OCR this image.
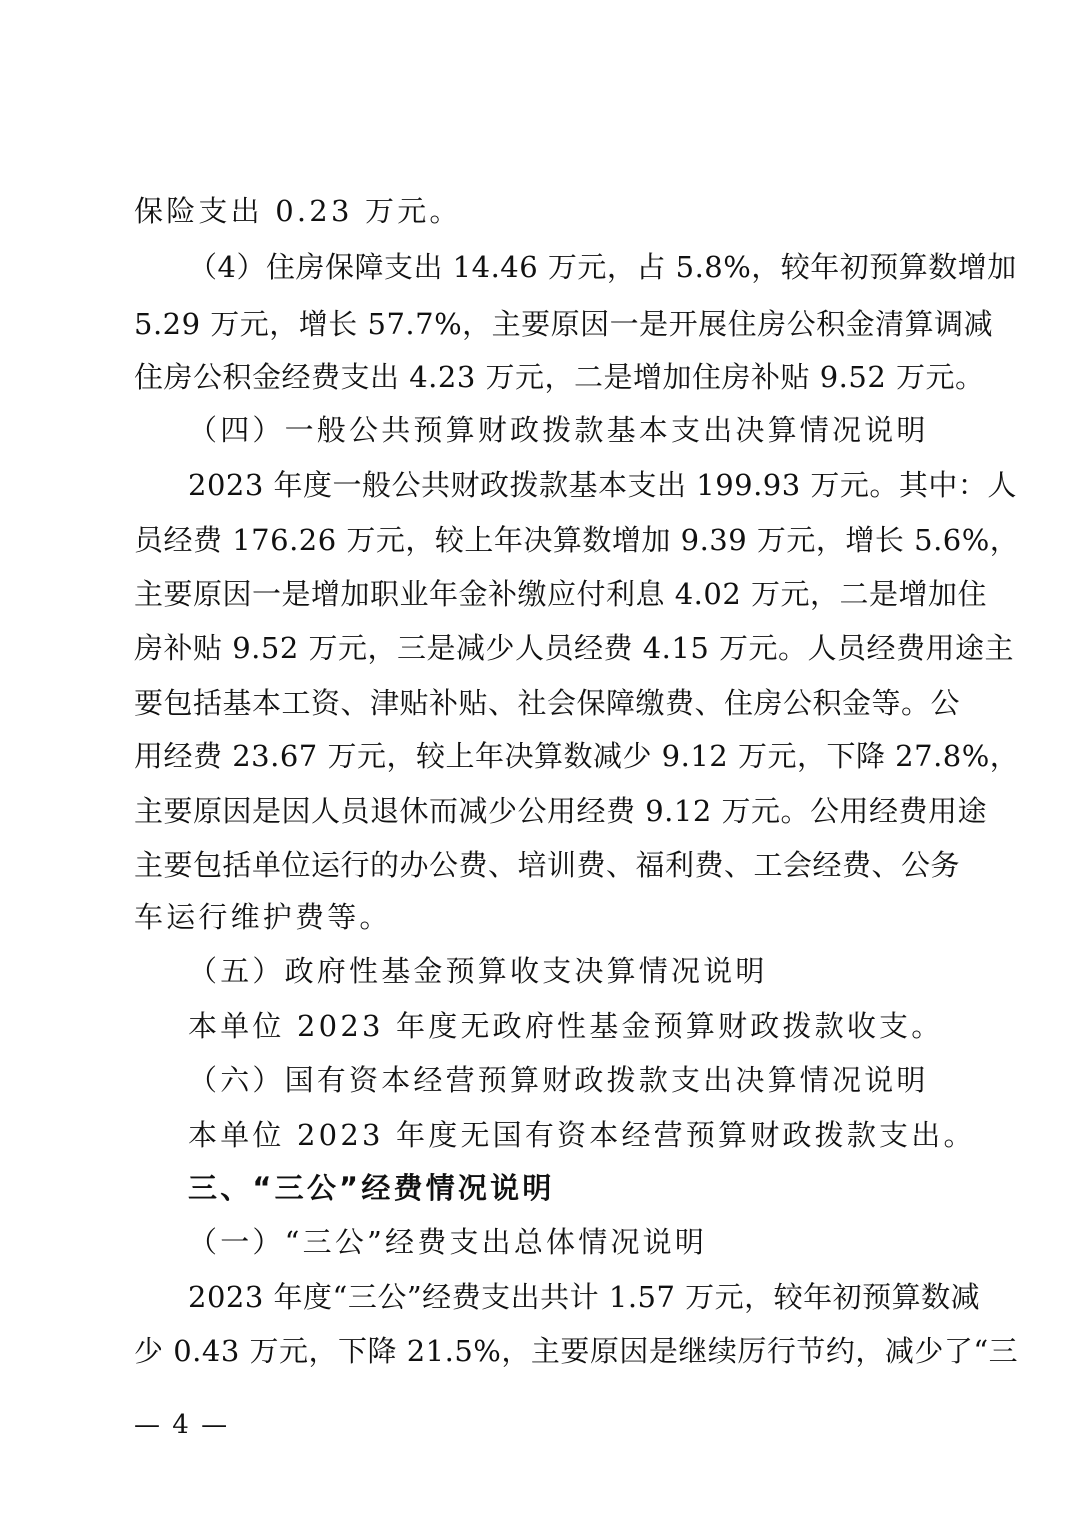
保险支出 0.23 万元。
（4）住房保障支出 14.46 万元，占 5.8%，较年初预算数增加
5.29 万元，增长 57.7%，主要原因一是开展住房公积金清算调减
住房公积金经费支出 4.23 万元，二是增加住房补贴 9.52 万元。
（四）一般公共预算财政拨款基本支出决算情况说明
2023 年度一般公共财政拨款基本支出 199.93 万元。其中：人
员经费 176.26 万元，较上年决算数增加 9.39 万元，增长 5.6%，
主要原因一是增加职业年金补缴应付利息 4.02 万元，二是增加住
房补贴 9.52 万元，三是减少人员经费 4.15 万元。人员经费用途主
要包括基本工资、津贴补贴、社会保障缴费、住房公积金等。公
用经费 23.67 万元，较上年决算数减少 9.12 万元，下降 27.8%，
主要原因是因人员退休而减少公用经费 9.12 万元。公用经费用途
主要包括单位运行的办公费、培训费、福利费、工会经费、公务
车运行维护费等。
（五）政府性基金预算收支决算情况说明
本单位 2023 年度无政府性基金预算财政拨款收支。
（六）国有资本经营预算财政拨款支出决算情况说明
本单位 2023 年度无国有资本经营预算财政拨款支出。
三、“三公”经费情况说明
（一）“三公”经费支出总体情况说明
2023 年度“三公”经费支出共计 1.57 万元，较年初预算数减
少 0.43 万元，下降 21.5%，主要原因是继续厉行节约，减少了“三
— 4 —
